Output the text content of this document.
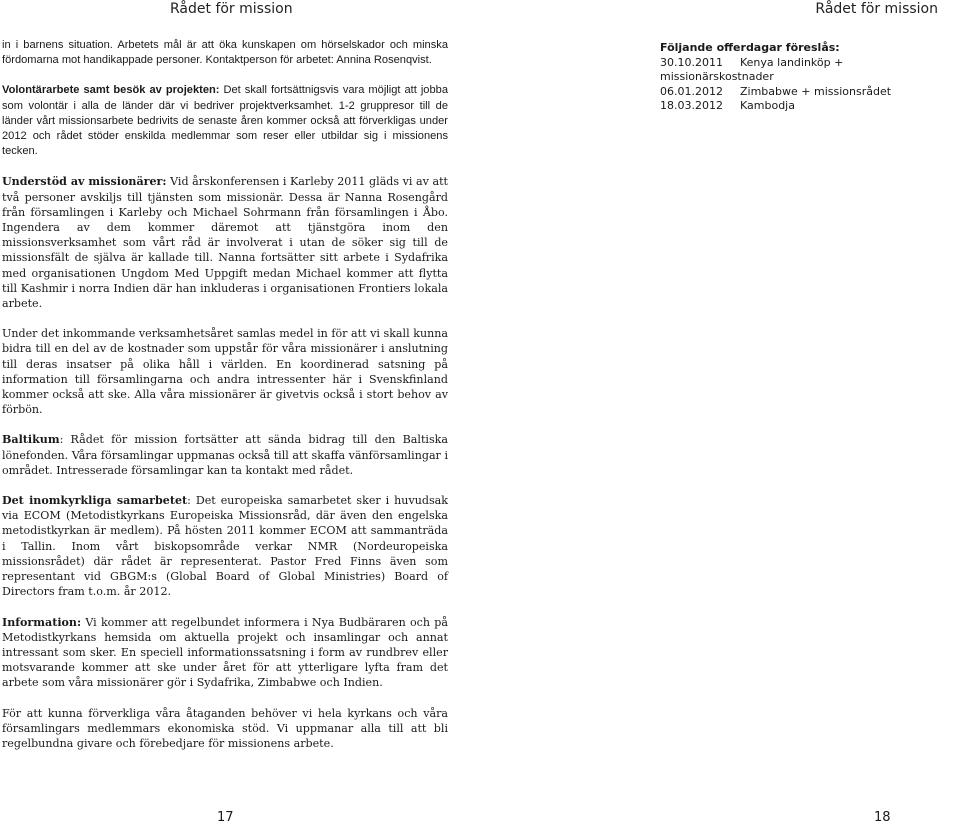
Rådet för mission	Rådet för mission

in i barnens situation. Arbetets mål är att öka kunskapen om hörselskador och minska fördomarna mot handikappade personer. Kontaktperson för arbetet: Annina Rosenqvist.

Volontärarbete samt besök av projekten: Det skall fortsättnigsvis vara möjligt att jobba som volontär i alla de länder där vi bedriver projektverksamhet. 1-2 gruppresor till de länder vårt missionsarbete bedrivits de senaste åren kommer också att förverkligas under 2012 och rådet stöder enskilda medlemmar som reser eller utbildar sig i missionens tecken.

Understöd av missionärer: Vid årskonferensen i Karleby 2011 gläds vi av att två personer avskiljs till tjänsten som missionär. Dessa är Nanna Rosengård från församlingen i Karleby och Michael Sohrmann från församlingen i Åbo. Ingendera av dem kommer däremot att tjänstgöra inom den missionsverksamhet som vårt råd är involverat i utan de söker sig till de missionsfält de själva är kallade till. Nanna fortsätter sitt arbete i Sydafrika med organisationen Ungdom Med Uppgift medan Michael kommer att flytta till Kashmir i norra Indien där han inkluderas i organisationen Frontiers lokala arbete.

Under det inkommande verksamhetsåret samlas medel in för att vi skall kunna bidra till en del av de kostnader som uppstår för våra missionärer i anslutning till deras insatser på olika håll i världen. En koordinerad satsning på information till församlingarna och andra intressenter här i Svenskfinland kommer också att ske. Alla våra missionärer är givetvis också i stort behov av förbön.

Baltikum: Rådet för mission fortsätter att sända bidrag till den Baltiska lönefonden. Våra församlingar uppmanas också till att skaffa vänförsamlingar i området. Intresserade församlingar kan ta kontakt med rådet.

Det inomkyrkliga samarbetet: Det europeiska samarbetet sker i huvudsak via ECOM (Metodistkyrkans Europeiska Missionsråd, där även den engelska metodistkyrkan är medlem). På hösten 2011 kommer ECOM att sammanträda i Tallin. Inom vårt biskopsområde verkar NMR (Nordeuropeiska missionsrådet) där rådet är representerat. Pastor Fred Finns även som representant vid GBGM:s (Global Board of Global Ministries) Board of Directors fram t.o.m. år 2012.

Information: Vi kommer att regelbundet informera i Nya Budbäraren och på Metodistkyrkans hemsida om aktuella projekt och insamlingar och annat intressant som sker. En speciell informationssatsning i form av rundbrev eller motsvarande kommer att ske under året för att ytterligare lyfta fram det arbete som våra missionärer gör i Sydafrika, Zimbabwe och Indien.

För att kunna förverkliga våra åtaganden behöver vi hela kyrkans och våra församlingars medlemmars ekonomiska stöd. Vi uppmanar alla till att bli regelbundna givare och förebedjare för missionens arbete.

Följande offerdagar föreslås:
30.10.2011 Kenya landinköp + missionärskostnader
06.01.2012 Zimbabwe + missionsrådet
18.03.2012 Kambodja
17	18
